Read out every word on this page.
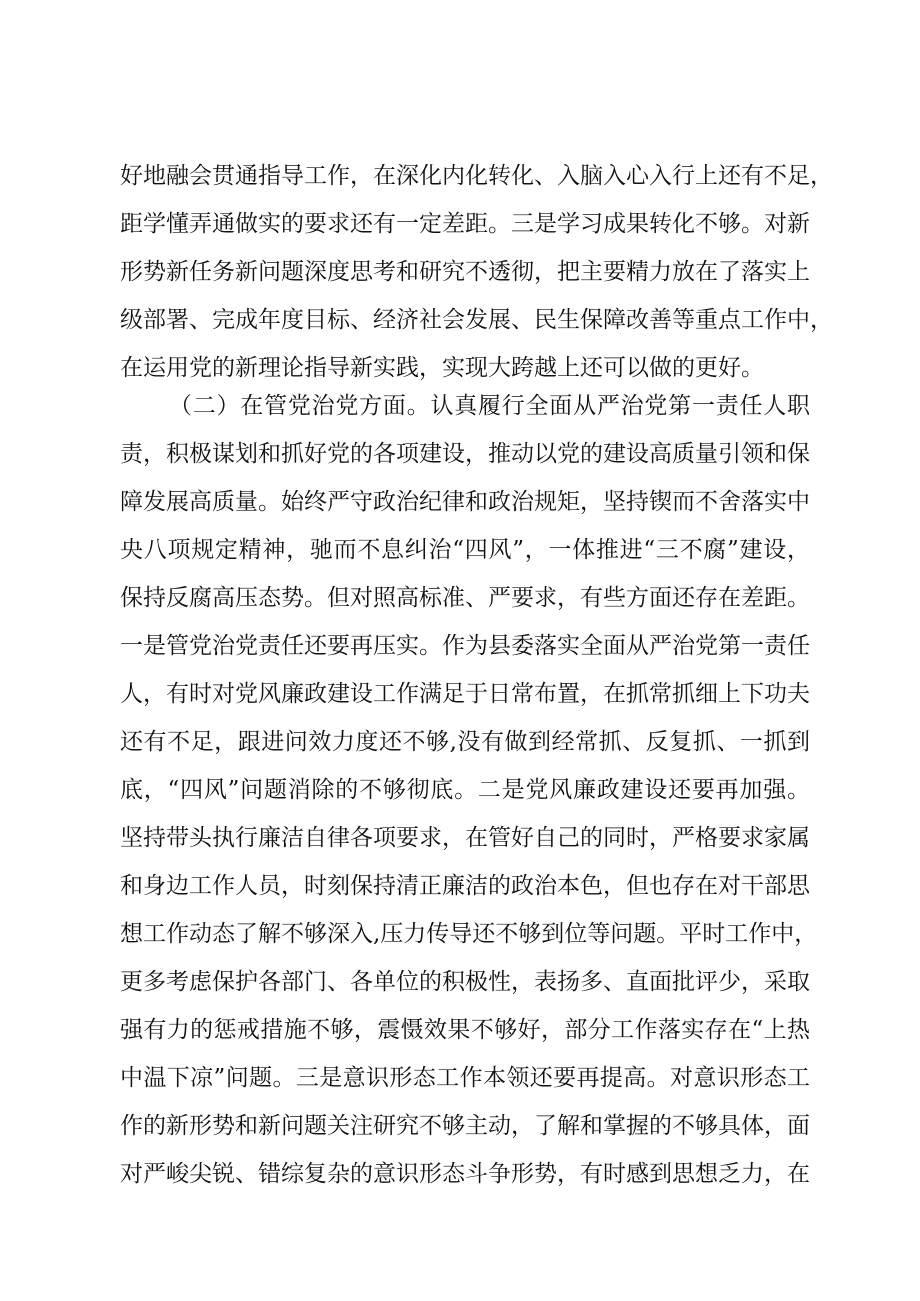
好地融会贯通指导工作，在深化内化转化、入脑入心入行上还有不足，
距学懂弄通做实的要求还有一定差距。三是学习成果转化不够。对新
形势新任务新问题深度思考和研究不透彻，把主要精力放在了落实上
级部署、完成年度目标、经济社会发展、民生保障改善等重点工作中，
在运用党的新理论指导新实践，实现大跨越上还可以做的更好。
（二）在管党治党方面。认真履行全面从严治党第一责任人职
责，积极谋划和抓好党的各项建设，推动以党的建设高质量引领和保
障发展高质量。始终严守政治纪律和政治规矩，坚持锲而不舍落实中
央八项规定精神，驰而不息纠治“四风”，一体推进“三不腐”建设，
保持反腐高压态势。但对照高标准、严要求，有些方面还存在差距。
一是管党治党责任还要再压实。作为县委落实全面从严治党第一责任
人，有时对党风廉政建设工作满足于日常布置，在抓常抓细上下功夫
还有不足，跟进问效力度还不够,没有做到经常抓、反复抓、一抓到
底，“四风”问题消除的不够彻底。二是党风廉政建设还要再加强。
坚持带头执行廉洁自律各项要求，在管好自己的同时，严格要求家属
和身边工作人员，时刻保持清正廉洁的政治本色，但也存在对干部思
想工作动态了解不够深入,压力传导还不够到位等问题。平时工作中，
更多考虑保护各部门、各单位的积极性，表扬多、直面批评少，采取
强有力的惩戒措施不够，震慑效果不够好，部分工作落实存在“上热
中温下凉”问题。三是意识形态工作本领还要再提高。对意识形态工
作的新形势和新问题关注研究不够主动，了解和掌握的不够具体，面
对严峻尖锐、错综复杂的意识形态斗争形势，有时感到思想乏力，在
